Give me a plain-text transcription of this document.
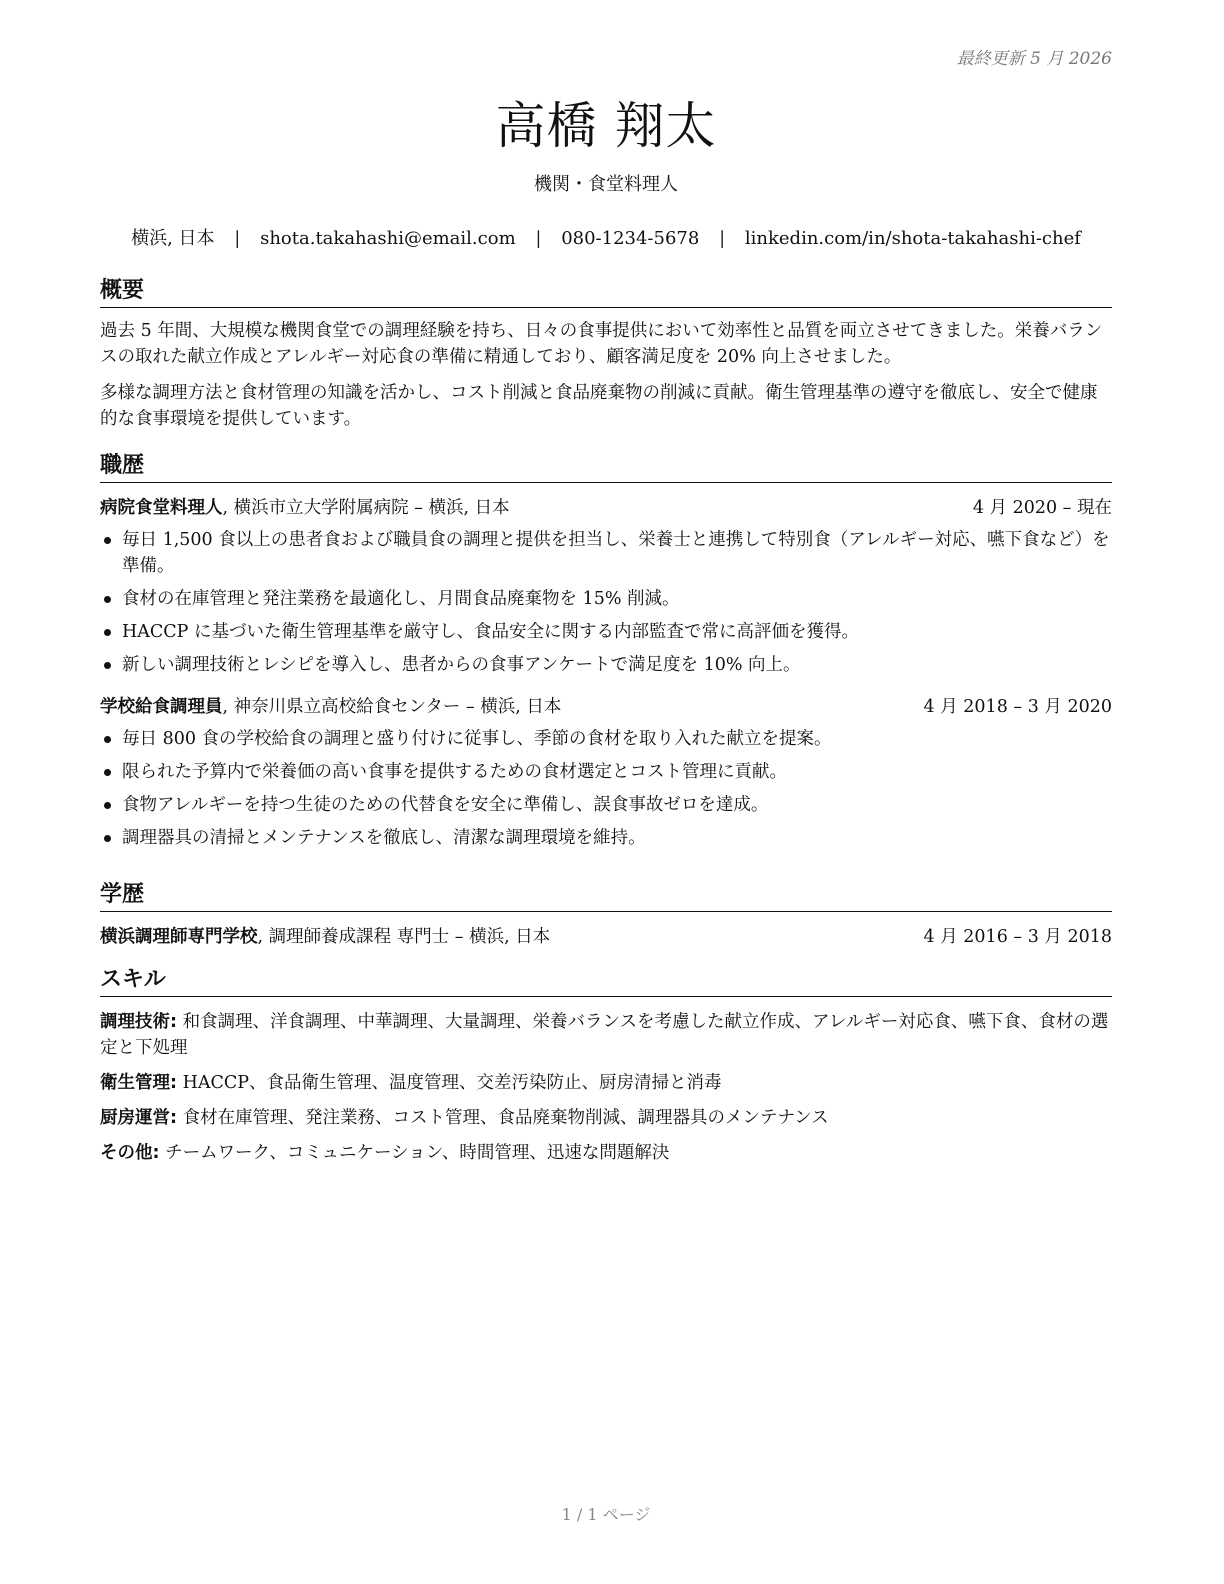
最終更新 5 月 2026
高橋 翔太
機関・食堂料理人
横浜, 日本 | shota.takahashi@email.com | 080-1234-5678 | linkedin.com/in/shota-takahashi-chef
概要

過去 5 年間、大規模な機関食堂での調理経験を持ち、日々の食事提供において効率性と品質を両立させてきました。栄養バランスの取れた献立作成とアレルギー対応食の準備に精通しており、顧客満足度を 20% 向上させました。

多様な調理方法と食材管理の知識を活かし、コスト削減と食品廃棄物の削減に貢献。衛生管理基準の遵守を徹底し、安全で健康的な食事環境を提供しています。

職歴
病院食堂料理人, 横浜市立大学附属病院 – 横浜, 日本	4 月 2020 – 現在
毎日 1,500 食以上の患者食および職員食の調理と提供を担当し、栄養士と連携して特別食（アレルギー対応、嚥下食など）を準備。
食材の在庫管理と発注業務を最適化し、月間食品廃棄物を 15% 削減。
HACCP に基づいた衛生管理基準を厳守し、食品安全に関する内部監査で常に高評価を獲得。
新しい調理技術とレシピを導入し、患者からの食事アンケートで満足度を 10% 向上。
学校給食調理員, 神奈川県立高校給食センター – 横浜, 日本	4 月 2018 – 3 月 2020
毎日 800 食の学校給食の調理と盛り付けに従事し、季節の食材を取り入れた献立を提案。
限られた予算内で栄養価の高い食事を提供するための食材選定とコスト管理に貢献。
食物アレルギーを持つ生徒のための代替食を安全に準備し、誤食事故ゼロを達成。
調理器具の清掃とメンテナンスを徹底し、清潔な調理環境を維持。
学歴
横浜調理師専門学校, 調理師養成課程 専門士 – 横浜, 日本	4 月 2016 – 3 月 2018
スキル

調理技術: 和食調理、洋食調理、中華調理、大量調理、栄養バランスを考慮した献立作成、アレルギー対応食、嚥下食、食材の選定と下処理

衛生管理: HACCP、食品衛生管理、温度管理、交差汚染防止、厨房清掃と消毒

厨房運営: 食材在庫管理、発注業務、コスト管理、食品廃棄物削減、調理器具のメンテナンス

その他: チームワーク、コミュニケーション、時間管理、迅速な問題解決

1 / 1 ページ
